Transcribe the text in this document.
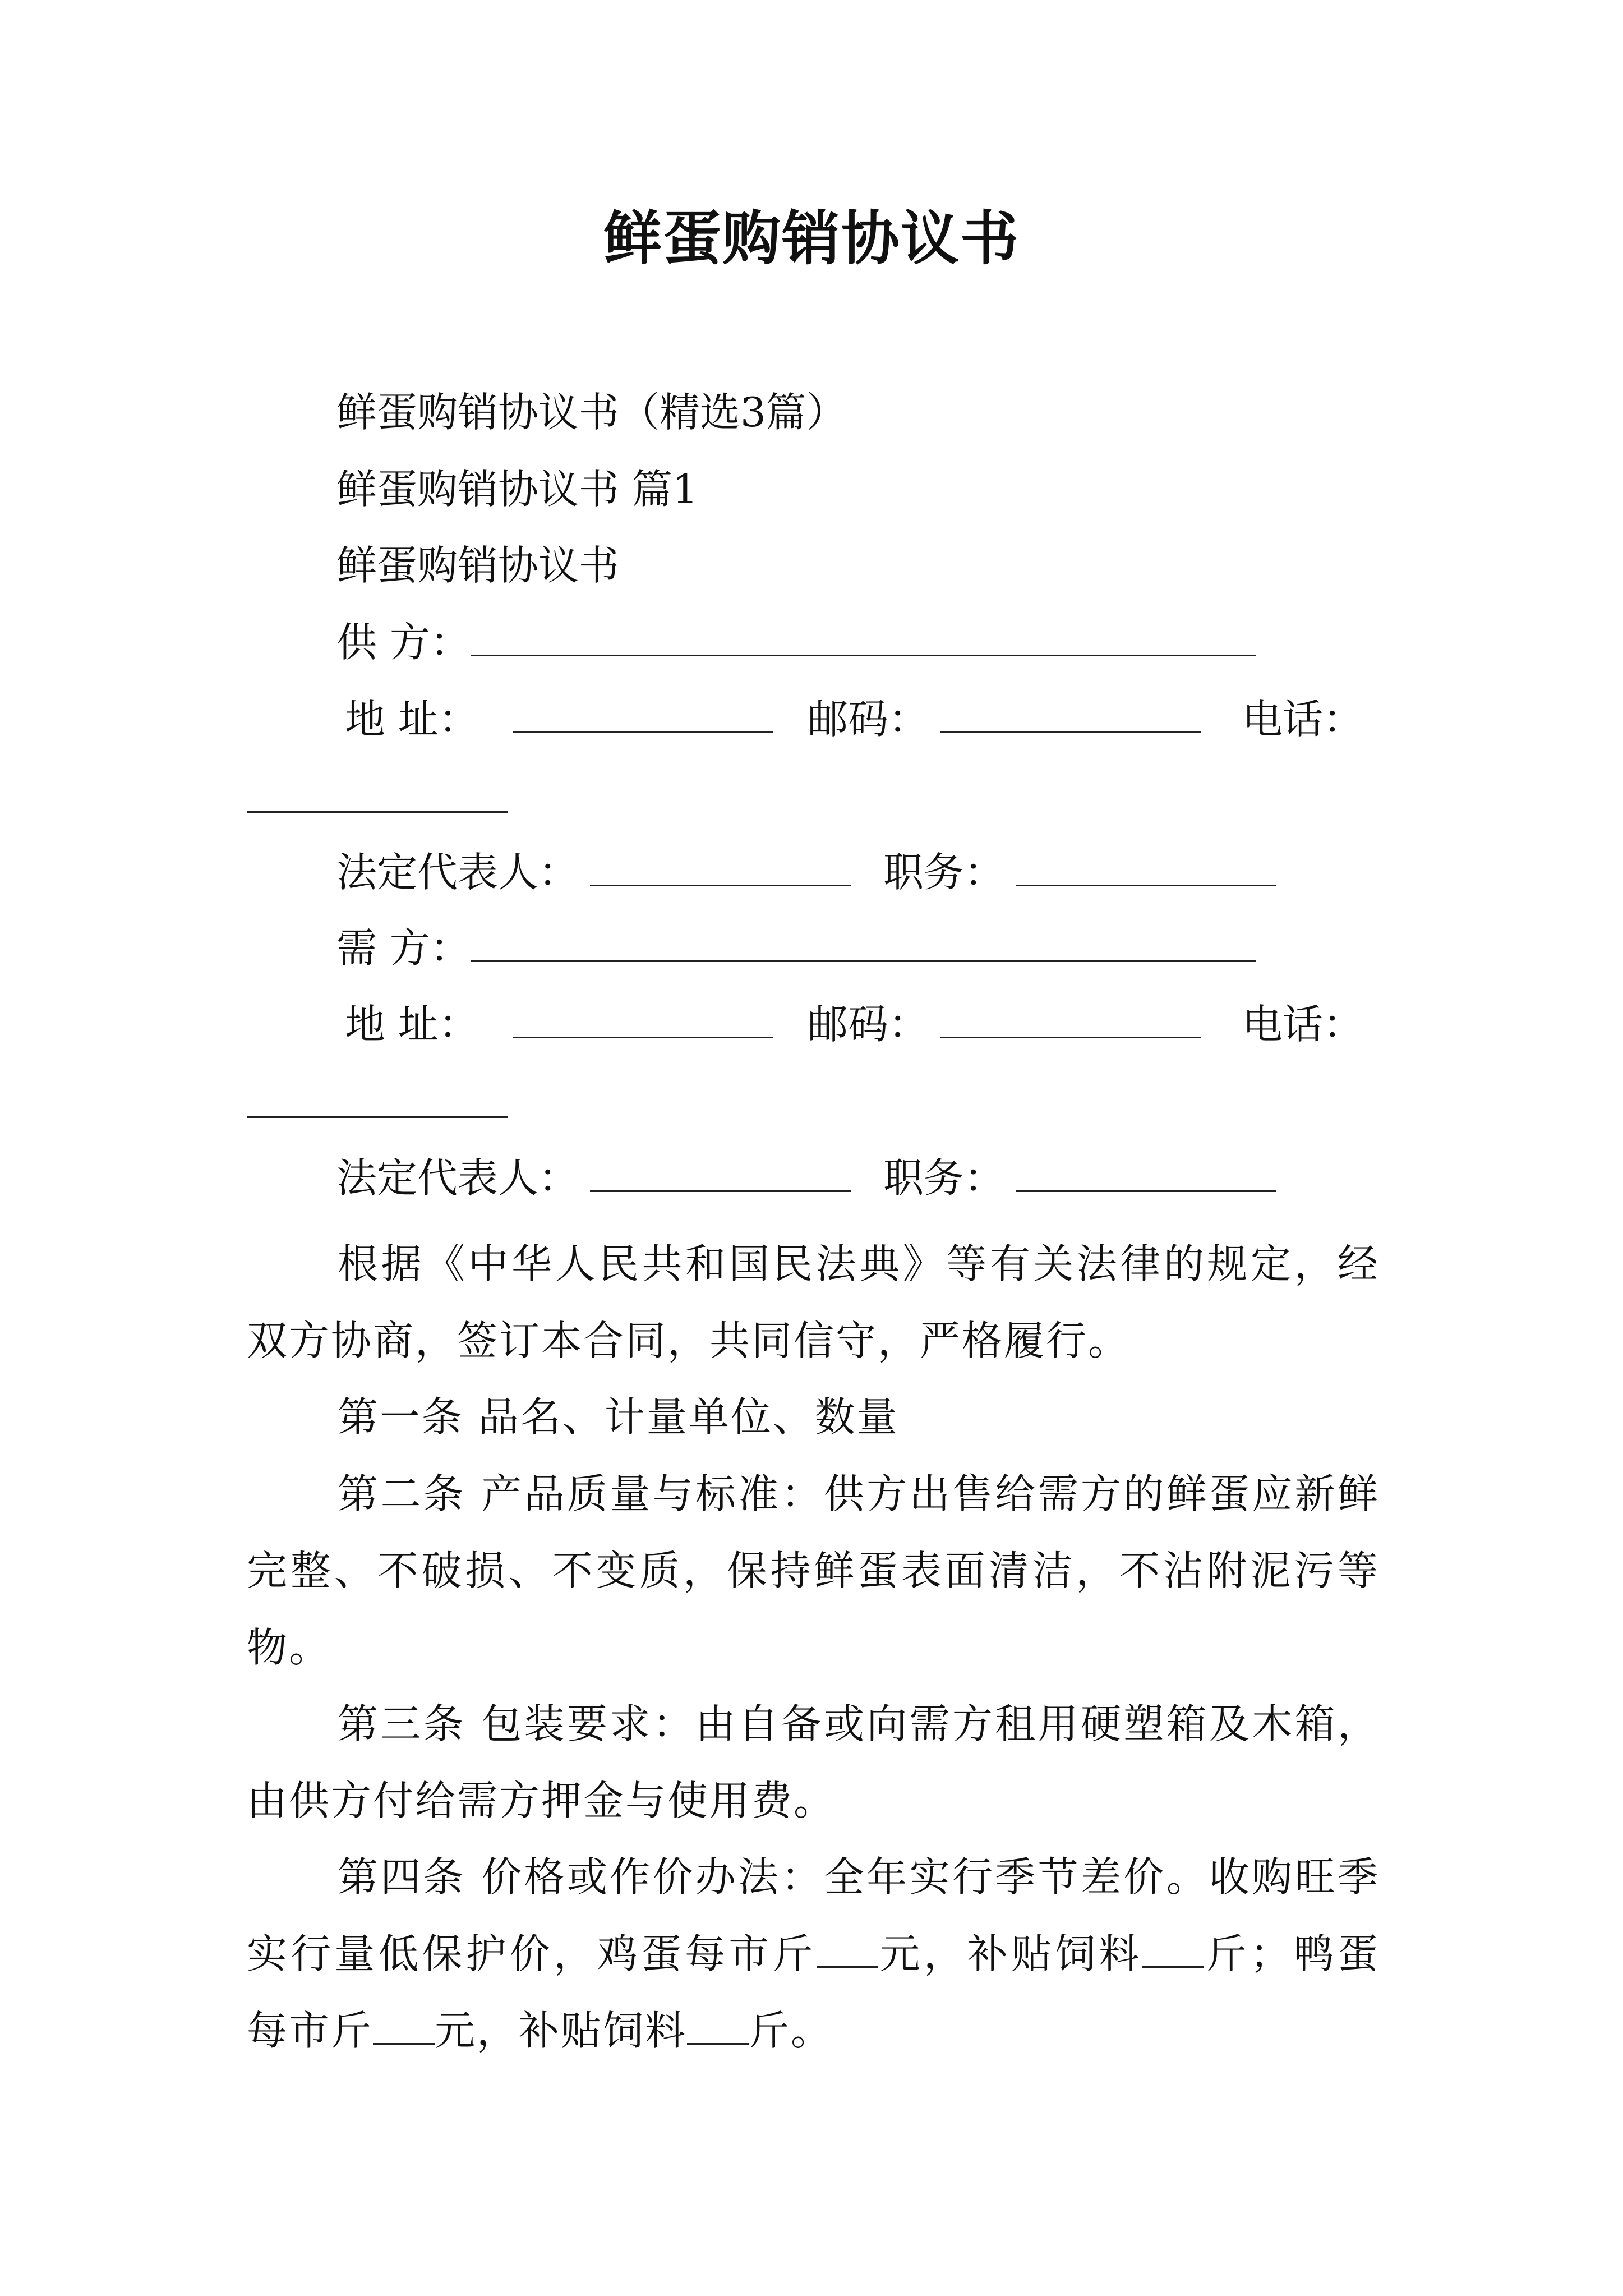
鲜蛋购销协议书
鲜蛋购销协议书（精选3篇）
鲜蛋购销协议书 篇1
鲜蛋购销协议书
供 方：
地 址：	邮码：	电话：
法定代表人：	职务：
需 方：
地 址：	邮码：	电话：
法定代表人：	职务：
根据《中华人民共和国民法典》等有关法律的规定，经双方协商，签订本合同，共同信守，严格履行。
第一条 品名、计量单位、数量
第二条 产品质量与标准：供方出售给需方的鲜蛋应新鲜完整、不破损、不变质，保持鲜蛋表面清洁，不沾附泥污等物。
第三条 包装要求：由自备或向需方租用硬塑箱及木箱，由供方付给需方押金与使用费。
第四条 价格或作价办法：全年实行季节差价。收购旺季实行量低保护价，鸡蛋每市斤 元，补贴饲料 斤；鸭蛋每市斤 元，补贴饲料 斤。
